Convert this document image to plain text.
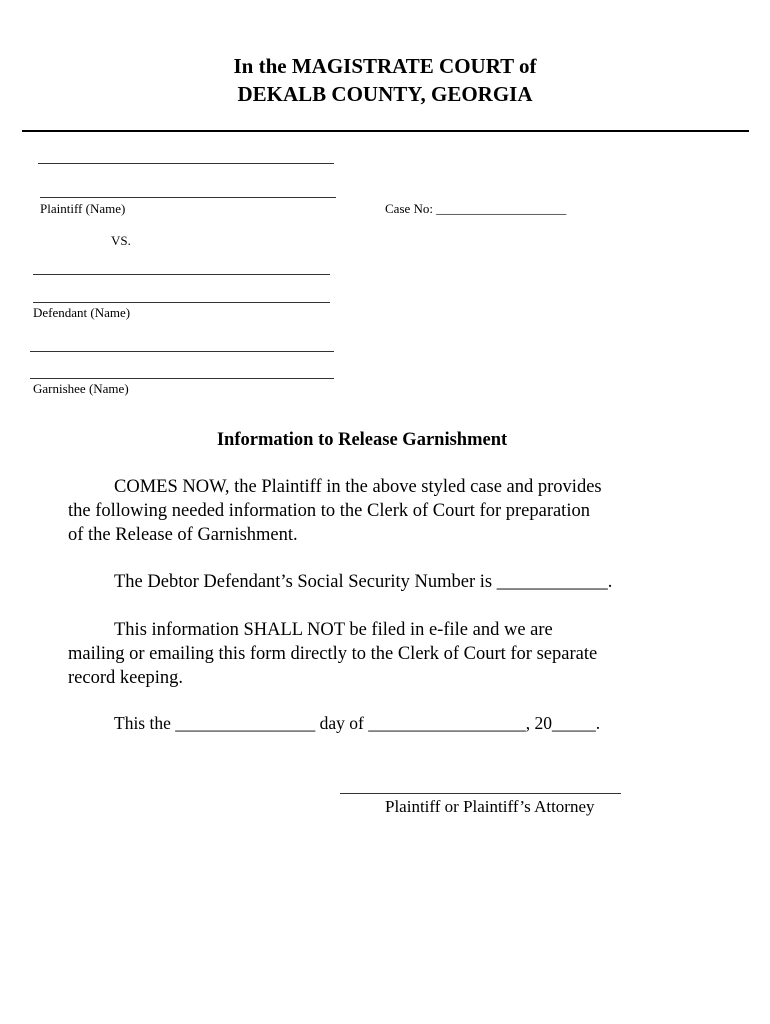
In the MAGISTRATE COURT of
DEKALB COUNTY, GEORGIA
Plaintiff (Name)	Case No: ____________________
VS.
Defendant (Name)
Garnishee (Name)
Information to Release Garnishment
COMES NOW, the Plaintiff in the above styled case and provides
the following needed information to the Clerk of Court for preparation
of the Release of Garnishment.
The Debtor Defendant’s Social Security Number is ____________.
This information SHALL NOT be filed in e-file and we are
mailing or emailing this form directly to the Clerk of Court for separate
record keeping.
This the ________________ day of __________________, 20_____.
Plaintiff or Plaintiff’s Attorney
